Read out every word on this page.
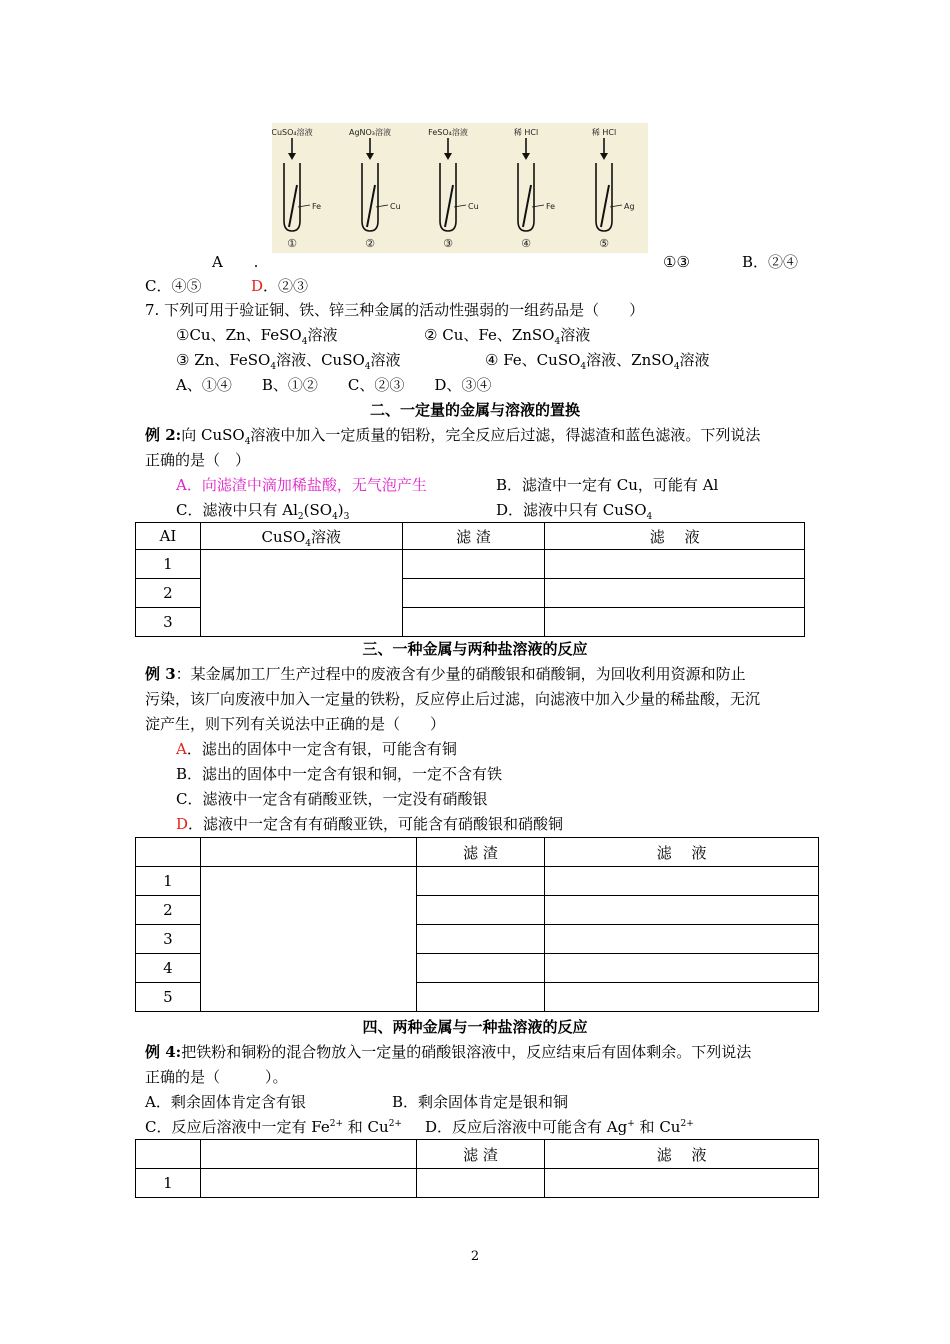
CuSO₄溶液
Fe
①
AgNO₃溶液
Cu
②
FeSO₄溶液
Cu
③
稀 HCl
Fe
④
稀 HCl
Ag
⑤
A .	①③	B．②④
C．④⑤	D．②③
7. 下列可用于验证铜、铁、锌三种金属的活动性强弱的一组药品是（　　）
①Cu、Zn、FeSO$_4$溶液	② Cu、Fe、ZnSO$_4$溶液
③ Zn、FeSO$_4$溶液、CuSO$_4$溶液	④ Fe、CuSO$_4$溶液、ZnSO$_4$溶液
A、①④　　B、①②　　C、②③　　D、③④
二、一定量的金属与溶液的置换
例 2:向 CuSO$_4$溶液中加入一定质量的铝粉，完全反应后过滤，得滤渣和蓝色滤液。下列说法
正确的是（　）
A．向滤渣中滴加稀盐酸，无气泡产生	B．滤渣中一定有 Cu，可能有 Al
C．滤液中只有 $Al_2(SO_4)_3$	D．滤液中只有 CuSO$_4$
AI	CuSO$_4$溶液	滤 渣	滤　 液
1			
2			
3			
三、一种金属与两种盐溶液的反应
例 3：某金属加工厂生产过程中的废液含有少量的硝酸银和硝酸铜，为回收利用资源和防止
污染，该厂向废液中加入一定量的铁粉，反应停止后过滤，向滤液中加入少量的稀盐酸，无沉
淀产生，则下列有关说法中正确的是（　　）
A．滤出的固体中一定含有银，可能含有铜
B．滤出的固体中一定含有银和铜，一定不含有铁
C．滤液中一定含有硝酸亚铁，一定没有硝酸银
D．滤液中一定含有有硝酸亚铁，可能含有硝酸银和硝酸铜
		滤 渣	滤　 液
1			
2			
3			
4			
5			
四、两种金属与一种盐溶液的反应
例 4:把铁粉和铜粉的混合物放入一定量的硝酸银溶液中，反应结束后有固体剩余。下列说法
正确的是（　　　）。
A．剩余固体肯定含有银	B．剩余固体肯定是银和铜
C．反应后溶液中一定有 $Fe^{2+}$ 和 $Cu^{2+}$ D．反应后溶液中可能含有 Ag+ 和 $Cu^{2+}$
		滤 渣	滤　 液
1			
2
